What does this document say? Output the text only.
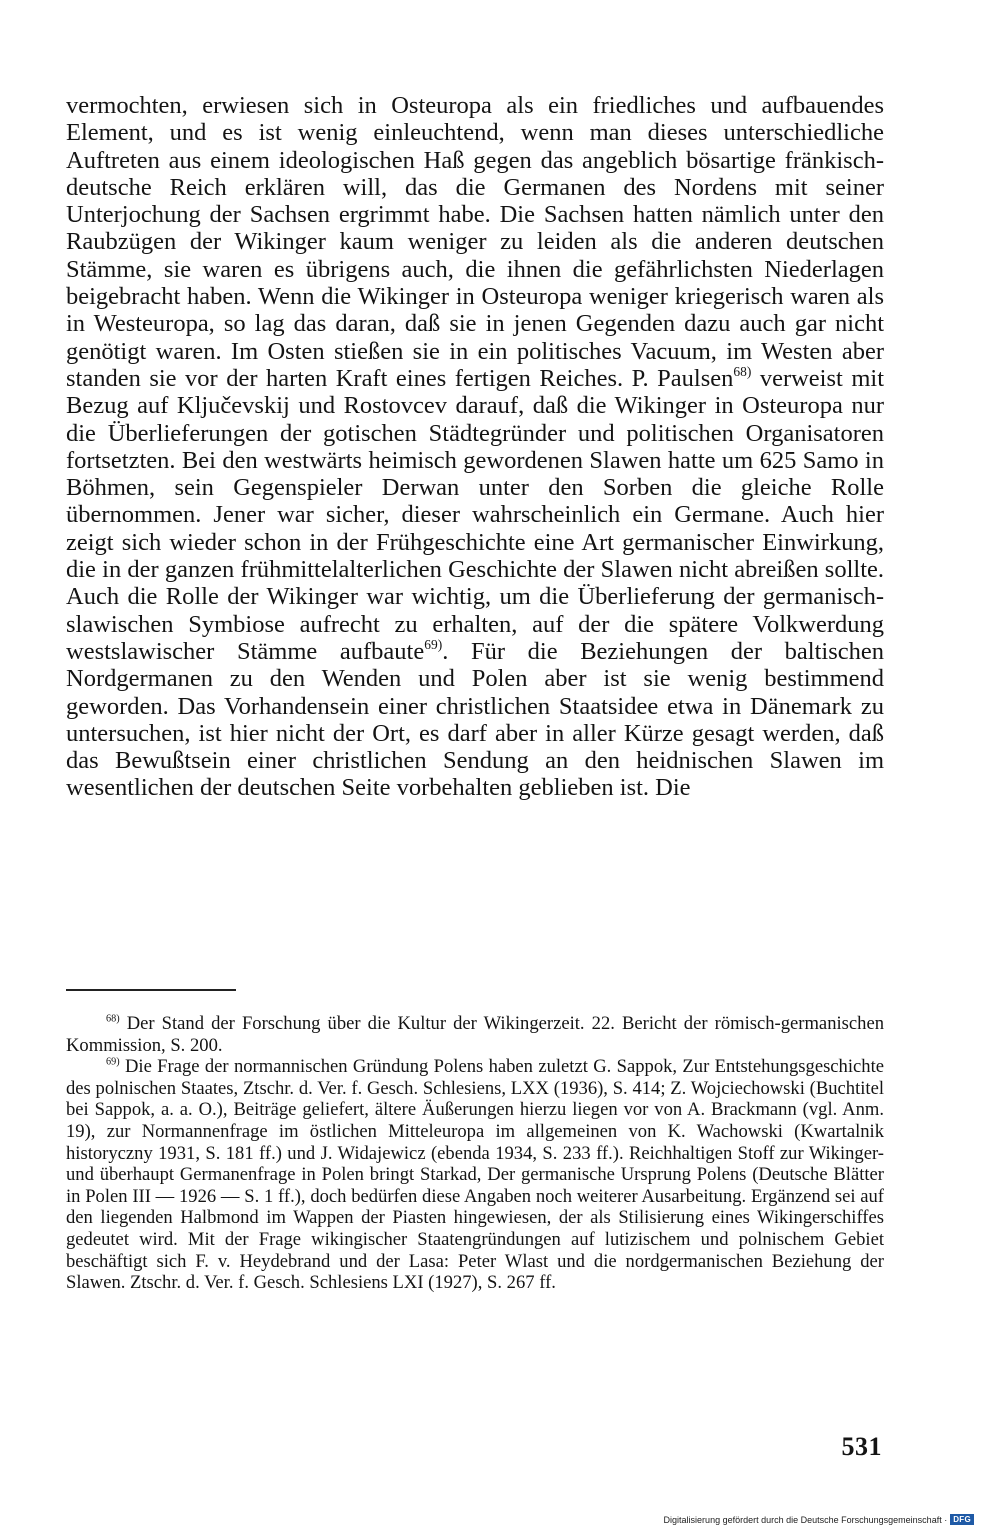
vermochten, erwiesen sich in Osteuropa als ein friedliches und aufbauendes Element, und es ist wenig einleuchtend, wenn man dieses unterschiedliche Auftreten aus einem ideologischen Haß gegen das angeblich bösartige fränkisch-deutsche Reich erklären will, das die Germanen des Nordens mit seiner Unterjochung der Sachsen ergrimmt habe. Die Sachsen hatten nämlich unter den Raubzügen der Wikinger kaum weniger zu leiden als die anderen deutschen Stämme, sie waren es übrigens auch, die ihnen die gefährlichsten Niederlagen beigebracht haben. Wenn die Wikinger in Osteuropa weniger kriegerisch waren als in Westeuropa, so lag das daran, daß sie in jenen Gegenden dazu auch gar nicht genötigt waren. Im Osten stießen sie in ein politisches Vacuum, im Westen aber standen sie vor der harten Kraft eines fertigen Reiches. P. Paulsen$^{68)}$ verweist mit Bezug auf Ključevskij und Rostovcev darauf, daß die Wikinger in Osteuropa nur die Überlieferungen der gotischen Städtegründer und politischen Organisatoren fortsetzten. Bei den westwärts heimisch gewordenen Slawen hatte um 625 Samo in Böhmen, sein Gegenspieler Derwan unter den Sorben die gleiche Rolle übernommen. Jener war sicher, dieser wahrscheinlich ein Germane. Auch hier zeigt sich wieder schon in der Frühgeschichte eine Art germanischer Einwirkung, die in der ganzen frühmittelalterlichen Geschichte der Slawen nicht abreißen sollte. Auch die Rolle der Wikinger war wichtig, um die Überlieferung der germanisch-slawischen Symbiose aufrecht zu erhalten, auf der die spätere Volkwerdung westslawischer Stämme aufbaute$^{69)}$. Für die Beziehungen der baltischen Nordgermanen zu den Wenden und Polen aber ist sie wenig bestimmend geworden. Das Vorhandensein einer christlichen Staatsidee etwa in Dänemark zu untersuchen, ist hier nicht der Ort, es darf aber in aller Kürze gesagt werden, daß das Bewußtsein einer christlichen Sendung an den heidnischen Slawen im wesentlichen der deutschen Seite vorbehalten geblieben ist. Die

$^{68)}$ Der Stand der Forschung über die Kultur der Wikingerzeit. 22. Bericht der römisch-germanischen Kommission, S. 200.

$^{69)}$ Die Frage der normannischen Gründung Polens haben zuletzt G. Sappok, Zur Entstehungsgeschichte des polnischen Staates, Ztschr. d. Ver. f. Gesch. Schlesiens, LXX (1936), S. 414; Z. Wojciechowski (Buchtitel bei Sappok, a. a. O.), Beiträge geliefert, ältere Äußerungen hierzu liegen vor von A. Brackmann (vgl. Anm. 19), zur Normannenfrage im östlichen Mitteleuropa im allgemeinen von K. Wachowski (Kwartalnik historyczny 1931, S. 181 ff.) und J. Widajewicz (ebenda 1934, S. 233 ff.). Reichhaltigen Stoff zur Wikinger- und überhaupt Germanenfrage in Polen bringt Starkad, Der germanische Ursprung Polens (Deutsche Blätter in Polen III — 1926 — S. 1 ff.), doch bedürfen diese Angaben noch weiterer Ausarbeitung. Ergänzend sei auf den liegenden Halbmond im Wappen der Piasten hingewiesen, der als Stilisierung eines Wikingerschiffes gedeutet wird. Mit der Frage wikingischer Staatengründungen auf lutizischem und polnischem Gebiet beschäftigt sich F. v. Heydebrand und der Lasa: Peter Wlast und die nordgermanischen Beziehung der Slawen. Ztschr. d. Ver. f. Gesch. Schlesiens LXI (1927), S. 267 ff.

531
Digitalisierung gefördert durch die Deutsche Forschungsgemeinschaft · DFG
